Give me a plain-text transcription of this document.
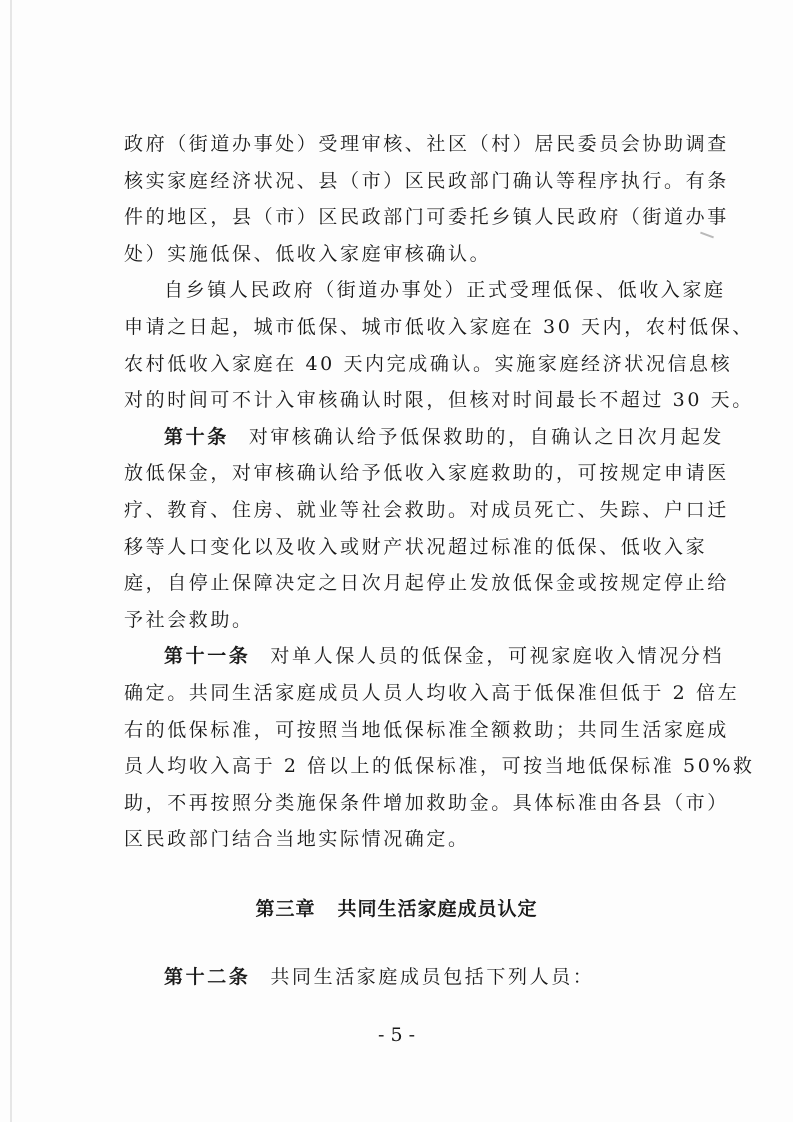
政府（街道办事处）受理审核、社区（村）居民委员会协助调查
核实家庭经济状况、县（市）区民政部门确认等程序执行。有条
件的地区，县（市）区民政部门可委托乡镇人民政府（街道办事
处）实施低保、低收入家庭审核确认。
自乡镇人民政府（街道办事处）正式受理低保、低收入家庭
申请之日起，城市低保、城市低收入家庭在 30 天内，农村低保、
农村低收入家庭在 40 天内完成确认。实施家庭经济状况信息核
对的时间可不计入审核确认时限，但核对时间最长不超过 30 天。
第十条 对审核确认给予低保救助的，自确认之日次月起发
放低保金，对审核确认给予低收入家庭救助的，可按规定申请医
疗、教育、住房、就业等社会救助。对成员死亡、失踪、户口迁
移等人口变化以及收入或财产状况超过标准的低保、低收入家
庭，自停止保障决定之日次月起停止发放低保金或按规定停止给
予社会救助。
第十一条 对单人保人员的低保金，可视家庭收入情况分档
确定。共同生活家庭成员人员人均收入高于低保准但低于 2 倍左
右的低保标准，可按照当地低保标准全额救助；共同生活家庭成
员人均收入高于 2 倍以上的低保标准，可按当地低保标准 50%救
助，不再按照分类施保条件增加救助金。具体标准由各县（市）
区民政部门结合当地实际情况确定。
第三章 共同生活家庭成员认定
第十二条 共同生活家庭成员包括下列人员：
- 5 -
